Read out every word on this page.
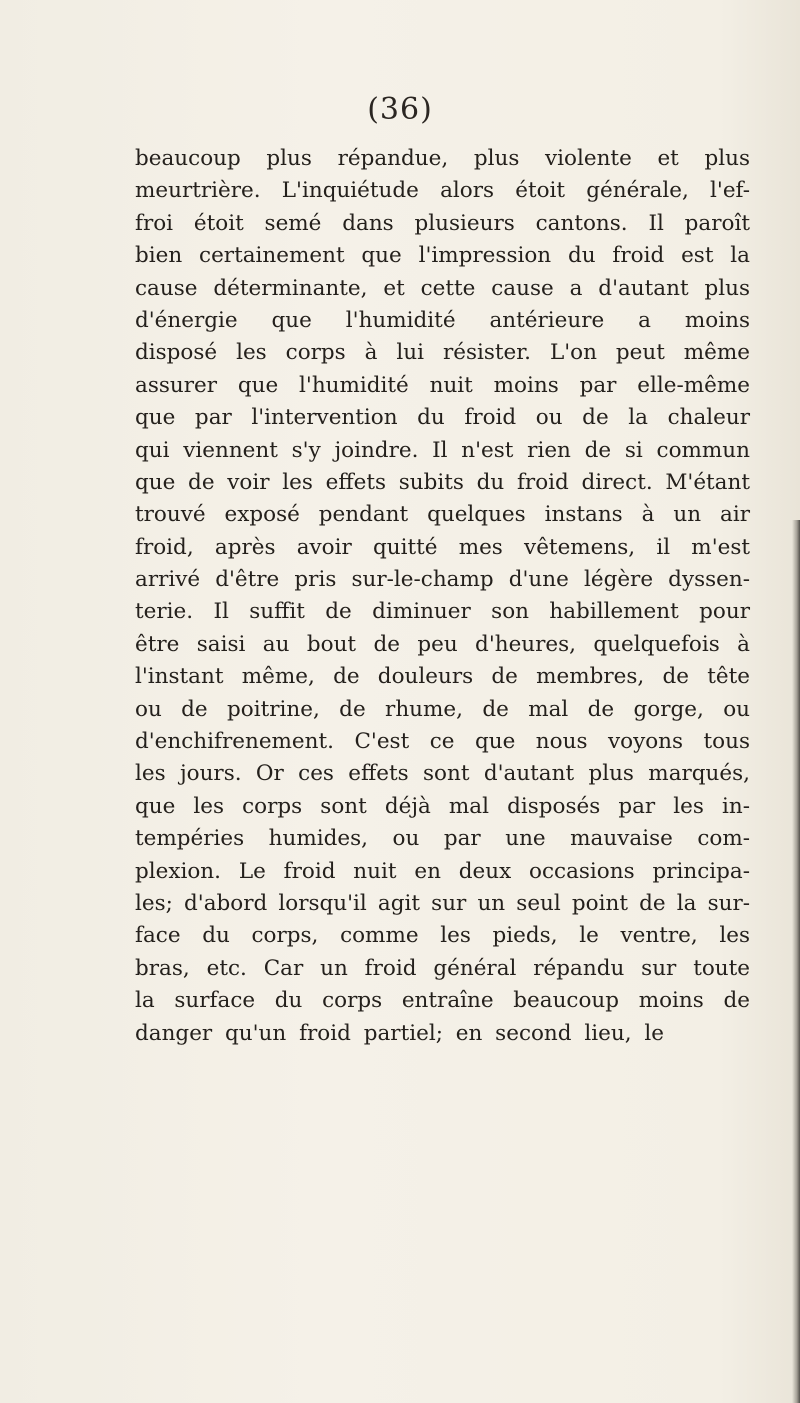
(36)
beaucoup plus répandue, plus violente et plus
meurtrière. L'inquiétude alors étoit générale, l'ef-
froi étoit semé dans plusieurs cantons. Il paroît
bien certainement que l'impression du froid est la
cause déterminante, et cette cause a d'autant plus
d'énergie que l'humidité antérieure a moins
disposé les corps à lui résister. L'on peut même
assurer que l'humidité nuit moins par elle-même
que par l'intervention du froid ou de la chaleur
qui viennent s'y joindre. Il n'est rien de si commun
que de voir les effets subits du froid direct. M'étant
trouvé exposé pendant quelques instans à un air
froid, après avoir quitté mes vêtemens, il m'est
arrivé d'être pris sur-le-champ d'une légère dyssen-
terie. Il suffit de diminuer son habillement pour
être saisi au bout de peu d'heures, quelquefois à
l'instant même, de douleurs de membres, de tête
ou de poitrine, de rhume, de mal de gorge, ou
d'enchifrenement. C'est ce que nous voyons tous
les jours. Or ces effets sont d'autant plus marqués,
que les corps sont déjà mal disposés par les in-
tempéries humides, ou par une mauvaise com-
plexion. Le froid nuit en deux occasions principa-
les; d'abord lorsqu'il agit sur un seul point de la sur-
face du corps, comme les pieds, le ventre, les
bras, etc. Car un froid général répandu sur toute
la surface du corps entraîne beaucoup moins de
danger qu'un froid partiel; en second lieu, le
